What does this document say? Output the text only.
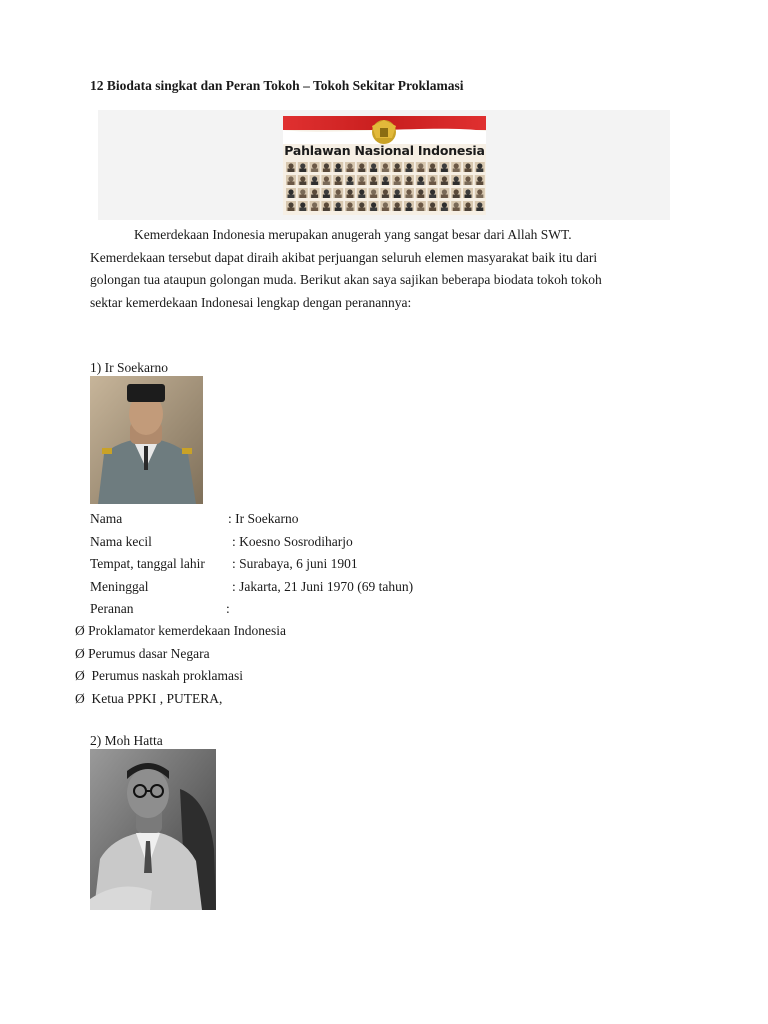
12 Biodata singkat dan Peran Tokoh – Tokoh Sekitar Proklamasi
Pahlawan Nasional Indonesia
Kemerdekaan Indonesia merupakan anugerah yang sangat besar dari Allah SWT.
Kemerdekaan tersebut dapat diraih akibat perjuangan seluruh elemen masyarakat baik itu dari
golongan tua ataupun golongan muda. Berikut akan saya sajikan beberapa biodata tokoh tokoh
sektar kemerdekaan Indonesai lengkap dengan peranannya:
1) Ir Soekarno
Nama	: Ir Soekarno
Nama kecil	: Koesno Sosrodiharjo
Tempat, tanggal lahir : Surabaya, 6 juni 1901
Meninggal	: Jakarta, 21 Juni 1970 (69 tahun)
Peranan	:
Ø Proklamator kemerdekaan Indonesia
Ø Perumus dasar Negara
Ø  Perumus naskah proklamasi
Ø  Ketua PPKI , PUTERA,
2) Moh Hatta
